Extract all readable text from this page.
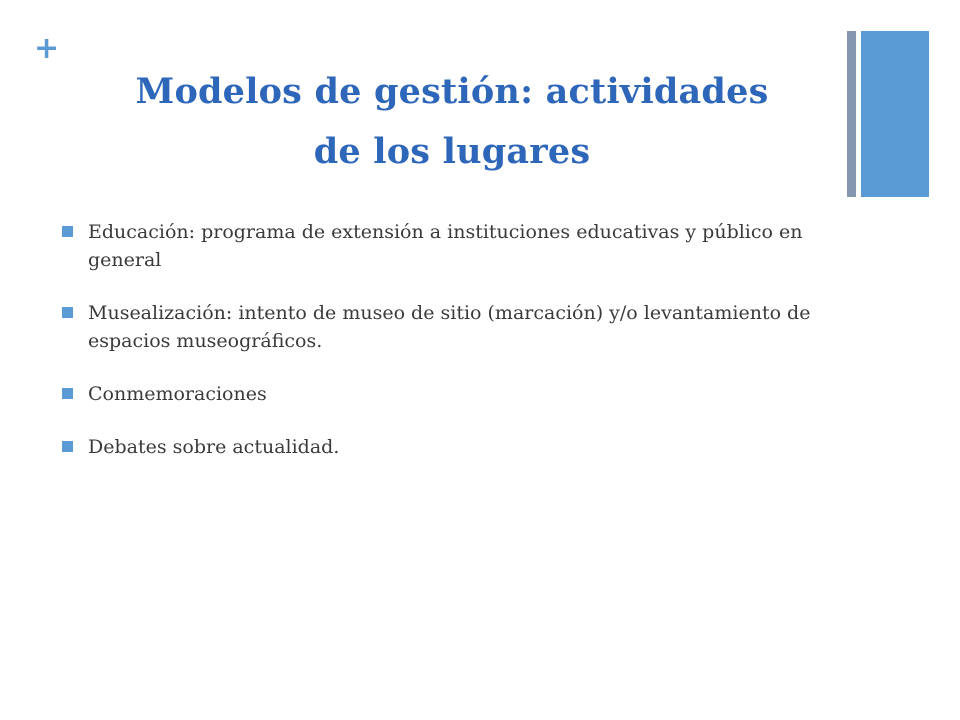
+
Modelos de gestión: actividades
de los lugares
Educación: programa de extensión a instituciones educativas y público en general
Musealización: intento de museo de sitio (marcación) y/o levantamiento de espacios museográficos.
Conmemoraciones
Debates sobre actualidad.
